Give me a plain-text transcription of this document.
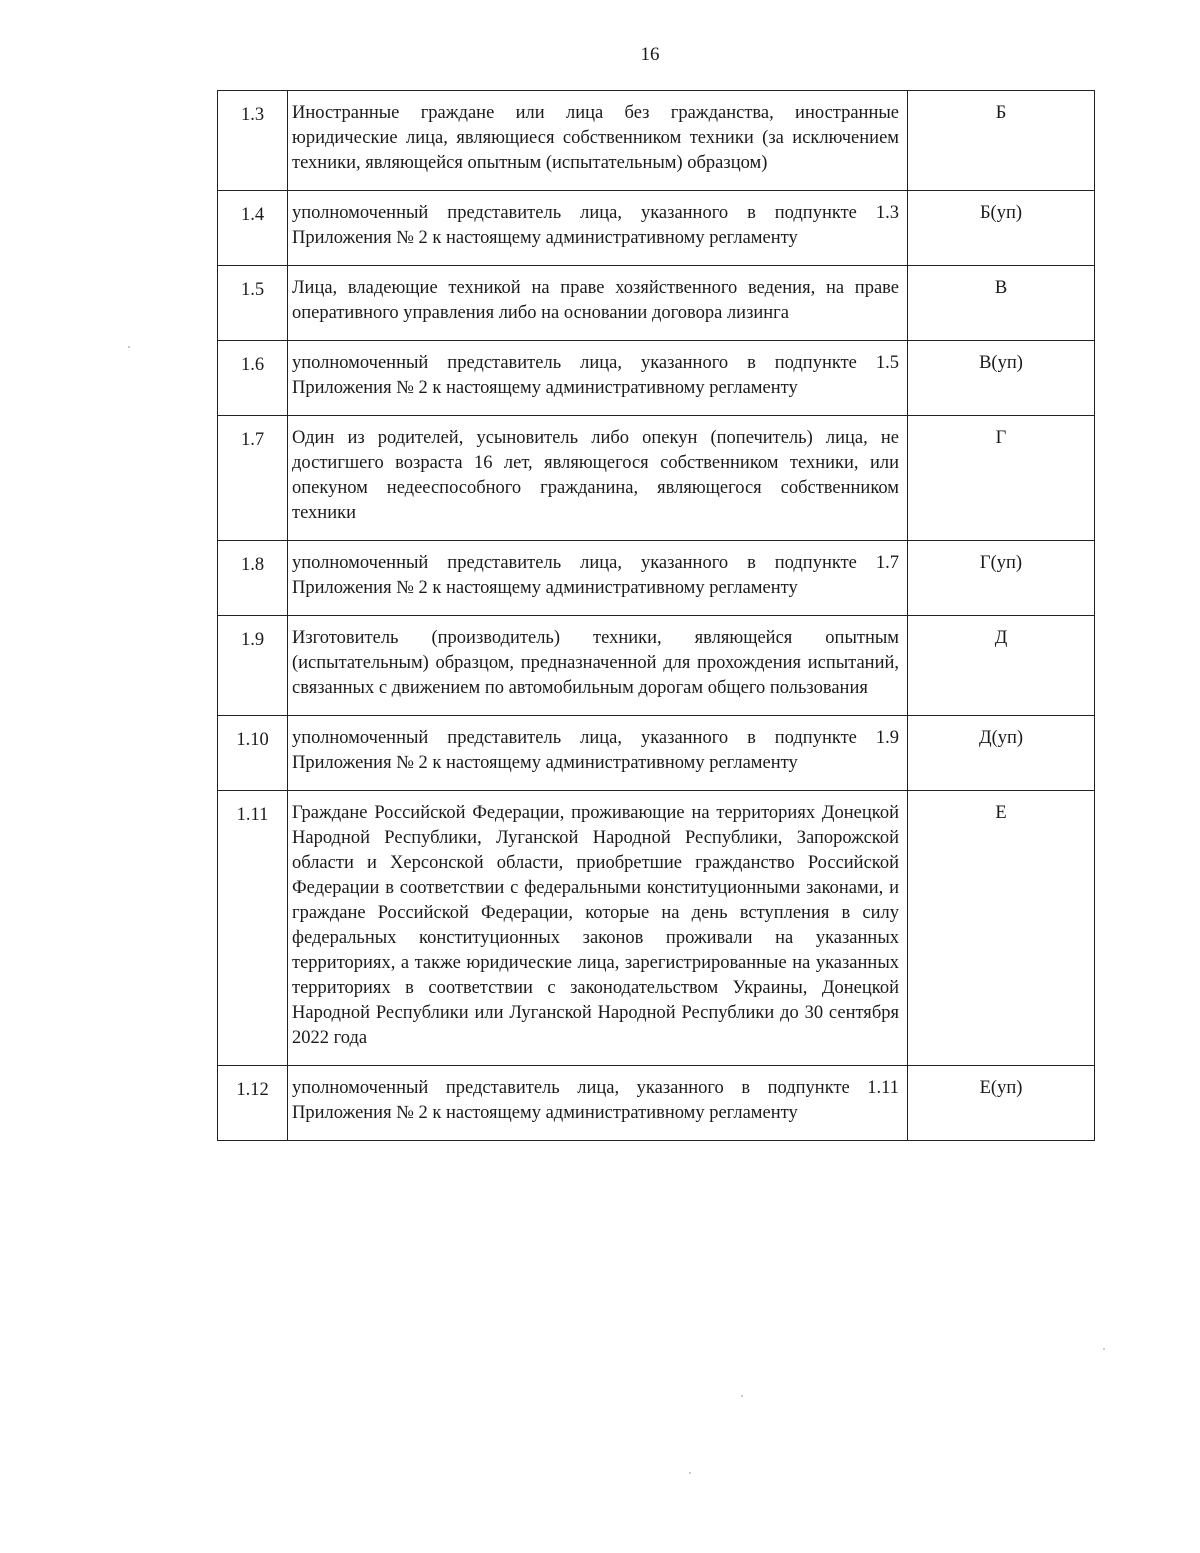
16
1.3	Иностранные граждане или лица без гражданства, иностранные юридические лица, являющиеся собственником техники (за исключением техники, являющейся опытным (испытательным) образцом)	Б
1.4	уполномоченный представитель лица, указанного в подпункте 1.3 Приложения № 2 к настоящему административному регламенту	Б(уп)
1.5	Лица, владеющие техникой на праве хозяйственного ведения, на праве оперативного управления либо на основании договора лизинга	В
1.6	уполномоченный представитель лица, указанного в подпункте 1.5 Приложения № 2 к настоящему административному регламенту	В(уп)
1.7	Один из родителей, усыновитель либо опекун (попечитель) лица, не достигшего возраста 16 лет, являющегося собственником техники, или опекуном недееспособного гражданина, являющегося собственником техники	Г
1.8	уполномоченный представитель лица, указанного в подпункте 1.7 Приложения № 2 к настоящему административному регламенту	Г(уп)
1.9	Изготовитель (производитель) техники, являющейся опытным (испытательным) образцом, предназначенной для прохождения испытаний, связанных с движением по автомобильным дорогам общего пользования	Д
1.10	уполномоченный представитель лица, указанного в подпункте 1.9 Приложения № 2 к настоящему административному регламенту	Д(уп)
1.11	Граждане Российской Федерации, проживающие на территориях Донецкой Народной Республики, Луганской Народной Республики, Запорожской области и Херсонской области, приобретшие гражданство Российской Федерации в соответствии с федеральными конституционными законами, и граждане Российской Федерации, которые на день вступления в силу федеральных конституционных законов проживали на указанных территориях, а также юридические лица, зарегистрированные на указанных территориях в соответствии с законодательством Украины, Донецкой Народной Республики или Луганской Народной Республики до 30 сентября 2022 года	Е
1.12	уполномоченный представитель лица, указанного в подпункте 1.11 Приложения № 2 к настоящему административному регламенту	Е(уп)
